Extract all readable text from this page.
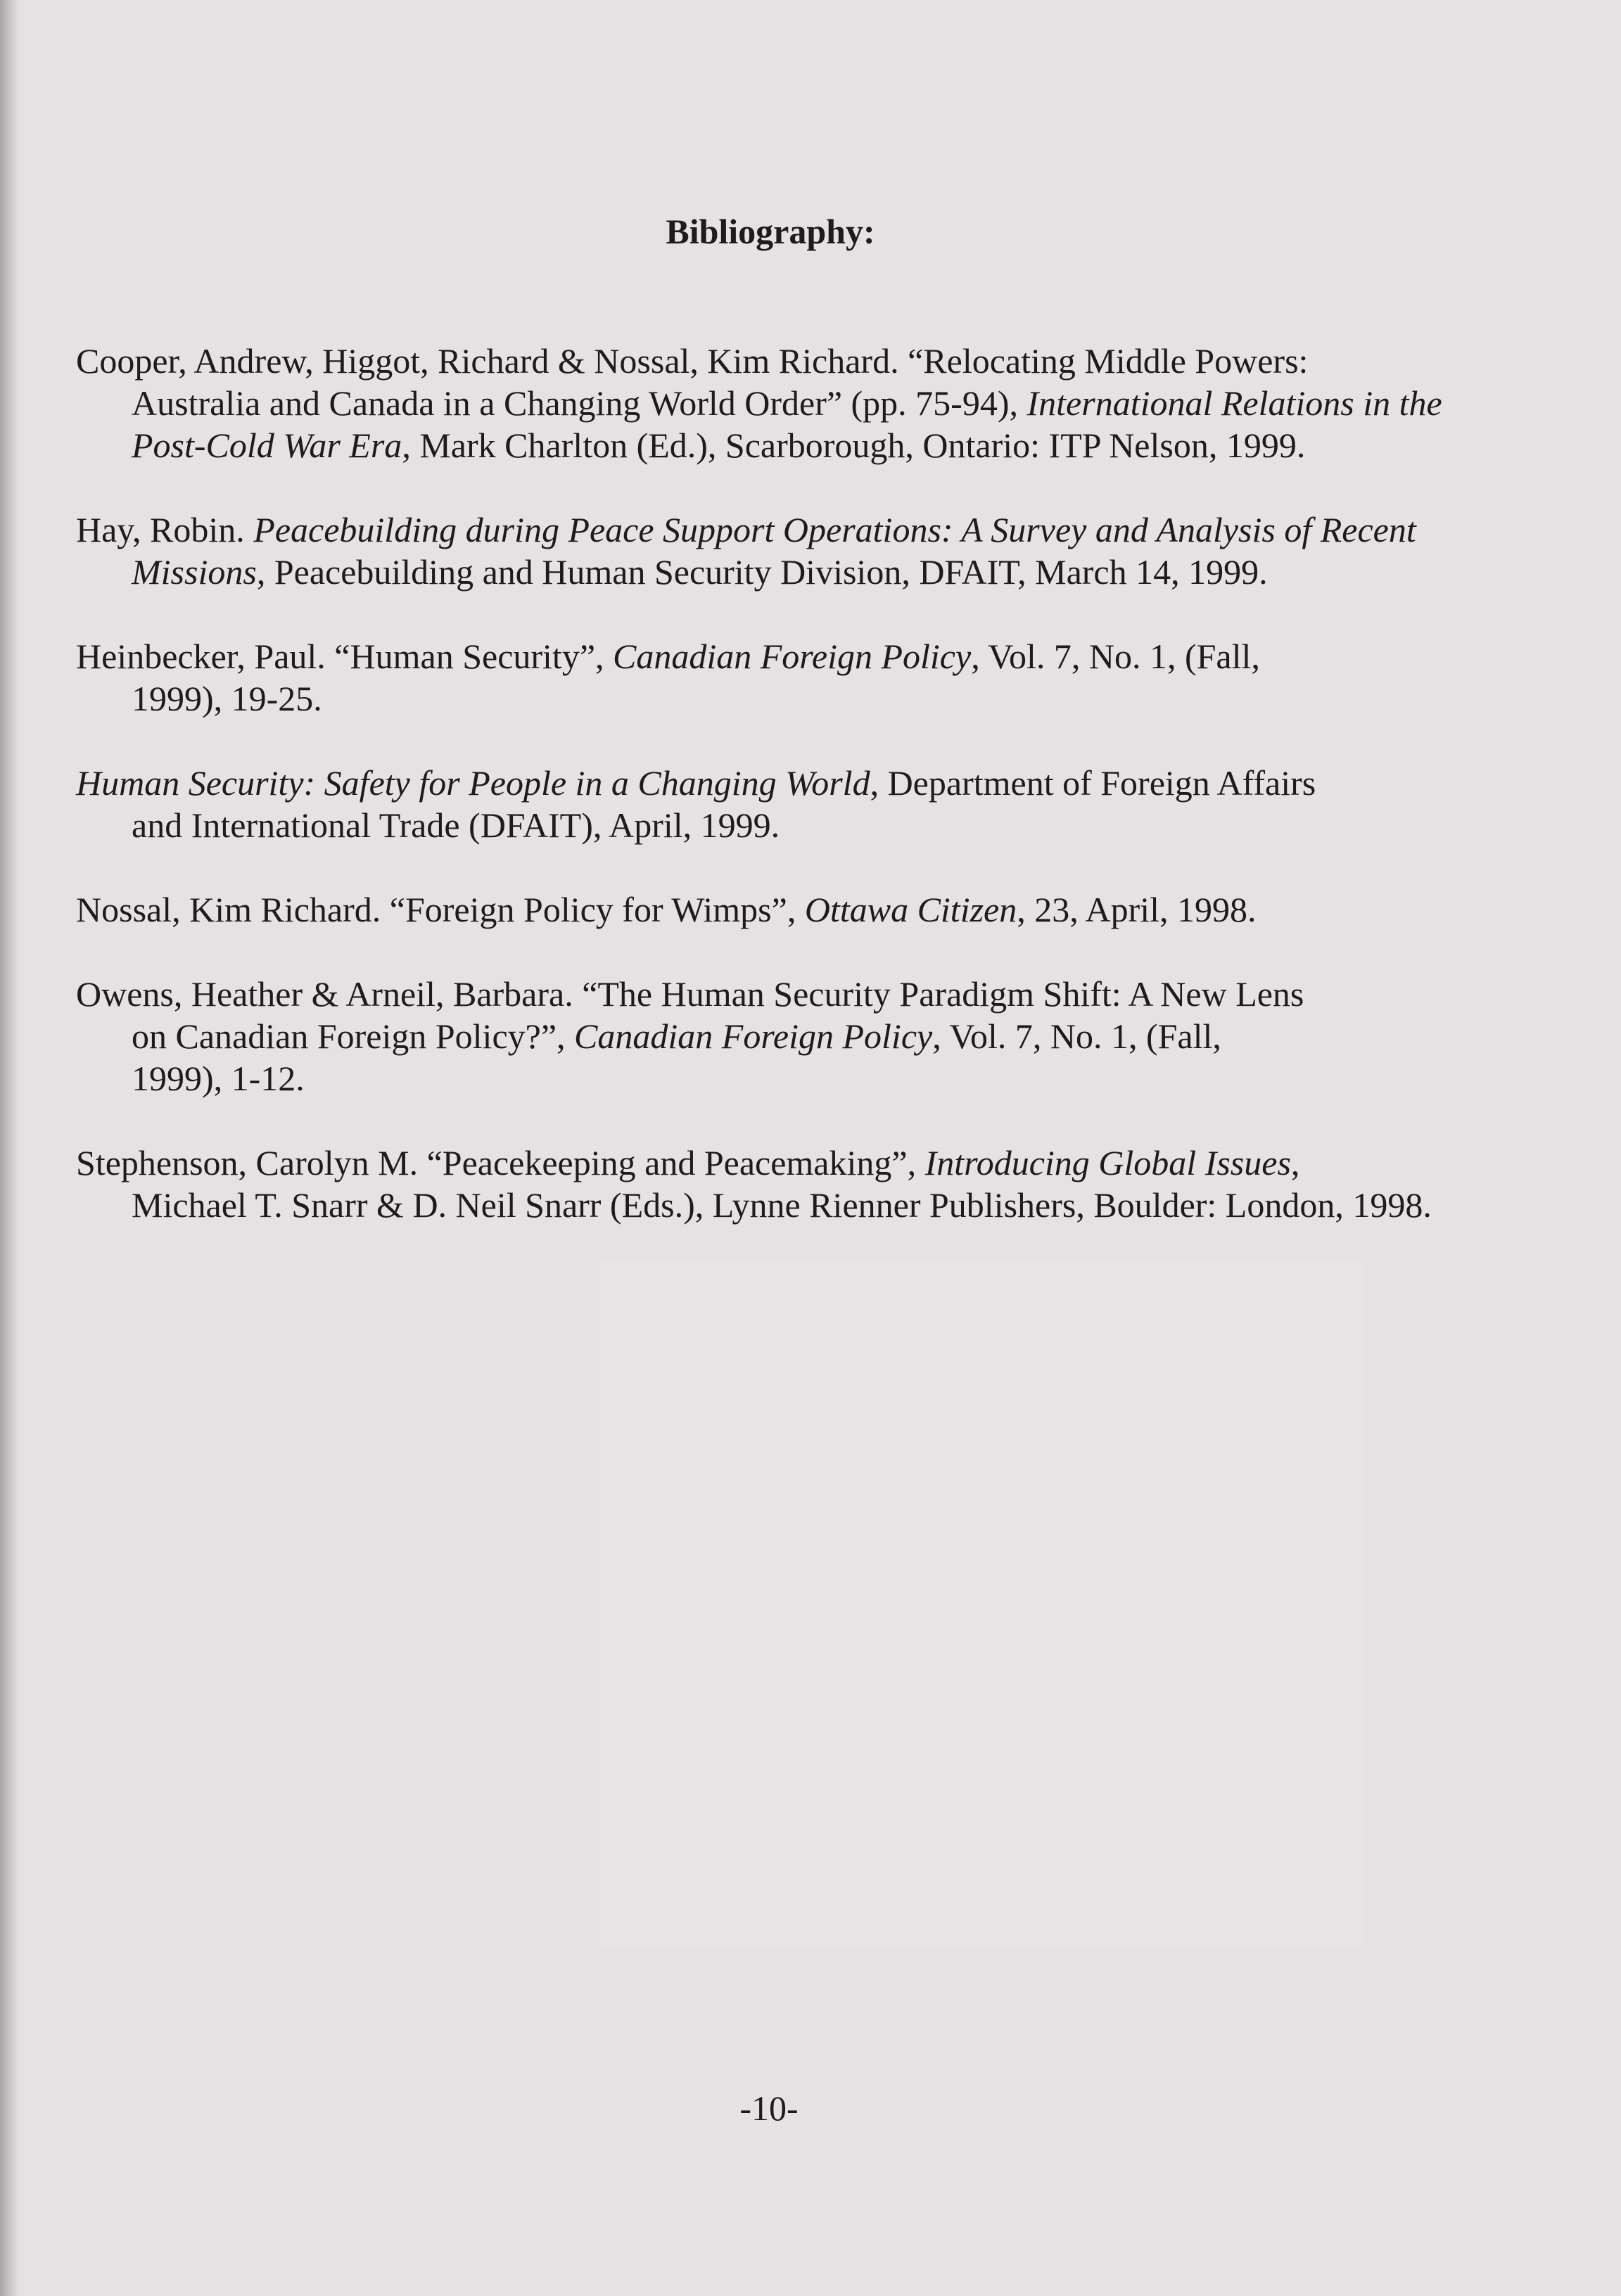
Bibliography:
Cooper, Andrew, Higgot, Richard & Nossal, Kim Richard. “Relocating Middle Powers:
Australia and Canada in a Changing World Order” (pp. 75-94), International Relations in the
Post-Cold War Era, Mark Charlton (Ed.), Scarborough, Ontario: ITP Nelson, 1999.
Hay, Robin. Peacebuilding during Peace Support Operations: A Survey and Analysis of Recent
Missions, Peacebuilding and Human Security Division, DFAIT, March 14, 1999.
Heinbecker, Paul. “Human Security”, Canadian Foreign Policy, Vol. 7, No. 1, (Fall,
1999), 19-25.
Human Security: Safety for People in a Changing World, Department of Foreign Affairs
and International Trade (DFAIT), April, 1999.
Nossal, Kim Richard. “Foreign Policy for Wimps”, Ottawa Citizen, 23, April, 1998.
Owens, Heather & Arneil, Barbara. “The Human Security Paradigm Shift: A New Lens
on Canadian Foreign Policy?”, Canadian Foreign Policy, Vol. 7, No. 1, (Fall,
1999), 1-12.
Stephenson, Carolyn M. “Peacekeeping and Peacemaking”, Introducing Global Issues,
Michael T. Snarr & D. Neil Snarr (Eds.), Lynne Rienner Publishers, Boulder: London, 1998.
-10-
